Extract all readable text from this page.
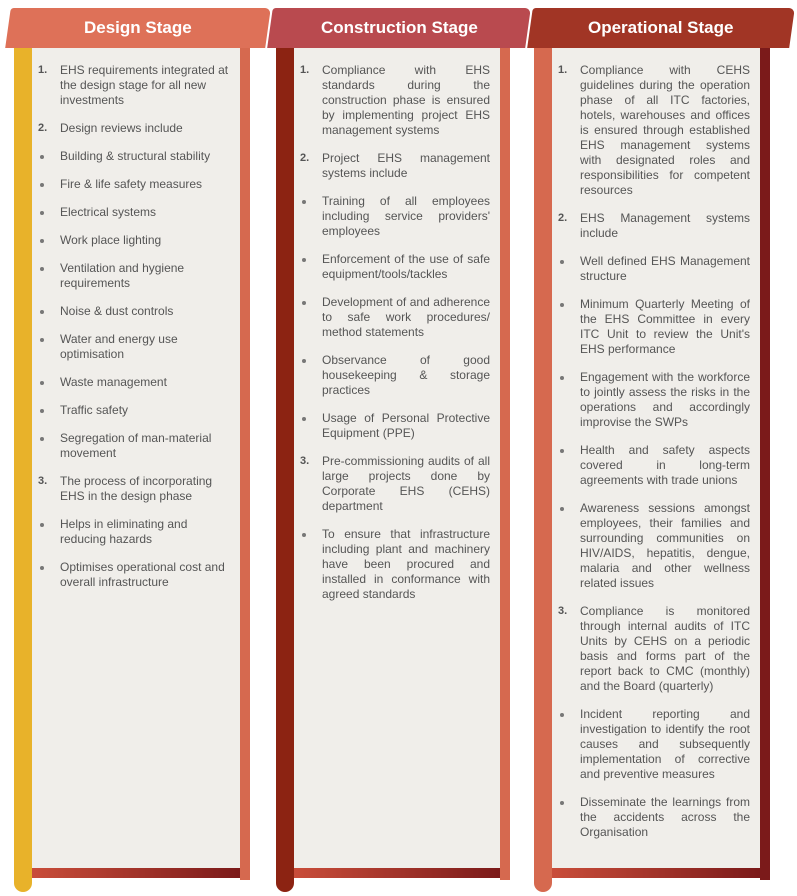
1. EHS requirements integrated at the design stage for all new investments
2. Design reviews include
Building & structural stability
Fire & life safety measures
Electrical systems
Work place lighting
Ventilation and hygiene requirements
Noise & dust controls
Water and energy use optimisation
Waste management
Traffic safety
Segregation of man-material movement
3. The process of incorporating EHS in the design phase
Helps in eliminating and reducing hazards
Optimises operational cost and overall infrastructure
Design Stage
1. Compliance with EHS standards during the construction phase is ensured by implementing project EHS management systems
2. Project EHS management systems include
Training of all employees including service providers' employees
Enforcement of the use of safe equipment/tools/tackles
Development of and adherence to safe work procedures/ method statements
Observance of good housekeeping & storage practices
Usage of Personal Protective Equipment (PPE)
3. Pre-commissioning audits of all large projects done by Corporate EHS (CEHS) department
To ensure that infrastructure including plant and machinery have been procured and installed in conformance with agreed standards
Construction Stage
1. Compliance with CEHS guidelines during the operation phase of all ITC factories, hotels, warehouses and offices is ensured through established EHS management systems with designated roles and responsibilities for competent resources
2. EHS Management systems include
Well defined EHS Management structure
Minimum Quarterly Meeting of the EHS Committee in every ITC Unit to review the Unit's EHS performance
Engagement with the workforce to jointly assess the risks in the operations and accordingly improvise the SWPs
Health and safety aspects covered in long-term agreements with trade unions
Awareness sessions amongst employees, their families and surrounding communities on HIV/AIDS, hepatitis, dengue, malaria and other wellness related issues
3. Compliance is monitored through internal audits of ITC Units by CEHS on a periodic basis and forms part of the report back to CMC (monthly) and the Board (quarterly)
Incident reporting and investigation to identify the root causes and subsequently implementation of corrective and preventive measures
Disseminate the learnings from the accidents across the Organisation
Operational Stage
